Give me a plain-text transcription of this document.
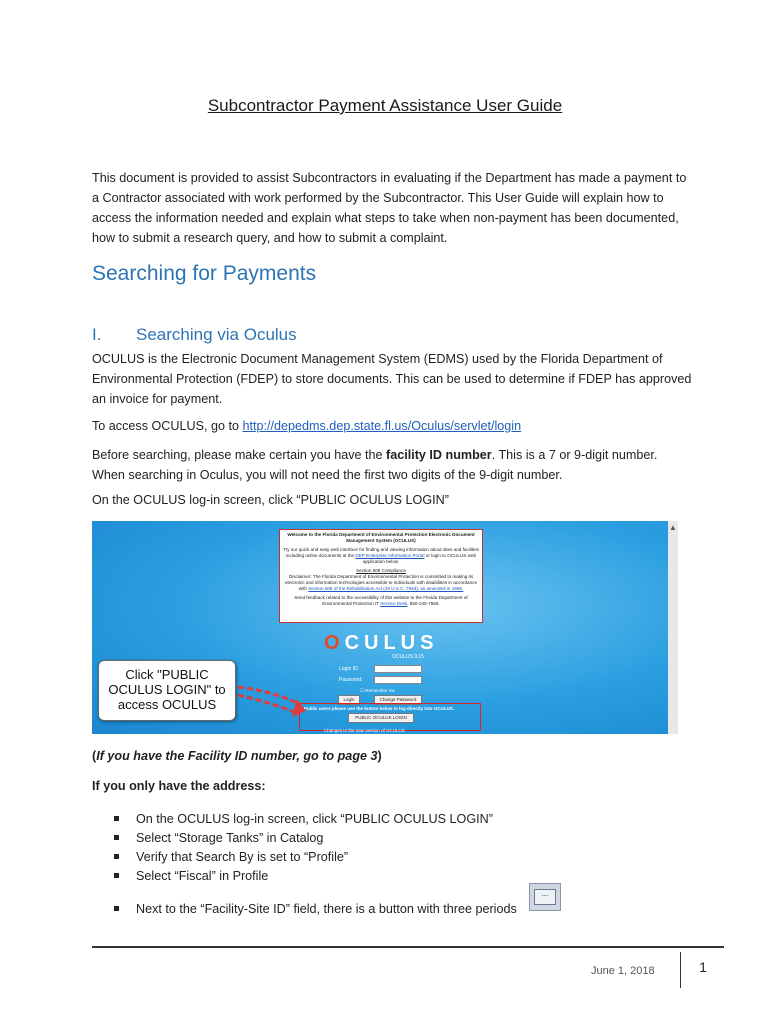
Subcontractor Payment Assistance User Guide

This document is provided to assist Subcontractors in evaluating if the Department has made a payment to a Contractor associated with work performed by the Subcontractor. This User Guide will explain how to access the information needed and explain what steps to take when non-payment has been documented, how to submit a research query, and how to submit a complaint.

Searching for Payments
I. Searching via Oculus

OCULUS is the Electronic Document Management System (EDMS) used by the Florida Department of Environmental Protection (FDEP) to store documents. This can be used to determine if FDEP has approved an invoice for payment.

To access OCULUS, go to http://depedms.dep.state.fl.us/Oculus/servlet/login

Before searching, please make certain you have the facility ID number. This is a 7 or 9-digit number. When searching in Oculus, you will not need the first two digits of the 9-digit number.

On the OCULUS log-in screen, click “PUBLIC OCULUS LOGIN”

Welcome to the Florida Department of Environmental Protection Electronic Document Management System (OCULUS)
Try our quick and easy web interface for finding and viewing information about sites and facilities including online documents at the DEP Enterprise Information Portal or login to OCULUS web application below.
Section 508 Compliance
Disclaimer: The Florida Department of Environmental Protection is committed to making its electronic and information technologies accessible to individuals with disabilities in accordance with Section 508 of the Rehabilitation Act (29 U.S.C. 794d), as amended in 1998.
Send feedback related to the accessibility of this website to the Florida Department of Environmental Protection IT Service Desk, 850-245-7555.
OCULUS
OCULUS 9.15
Login ID:
Password:
☐ Remember me
Login	Change Password
Public users please use the button below to log directly into OCULUS.
PUBLIC OCULUS LOGIN
Changes to the new version of OCULUS
Click "PUBLIC OCULUS LOGIN" to access OCULUS
▲

(If you have the Facility ID number, go to page 3)

If you only have the address:

On the OCULUS log-in screen, click “PUBLIC OCULUS LOGIN”
Select “Storage Tanks” in Catalog
Verify that Search By is set to “Profile”
Select “Fiscal” in Profile
Next to the “Facility-Site ID” field, there is a button with three periods
...
June 1, 2018	1
